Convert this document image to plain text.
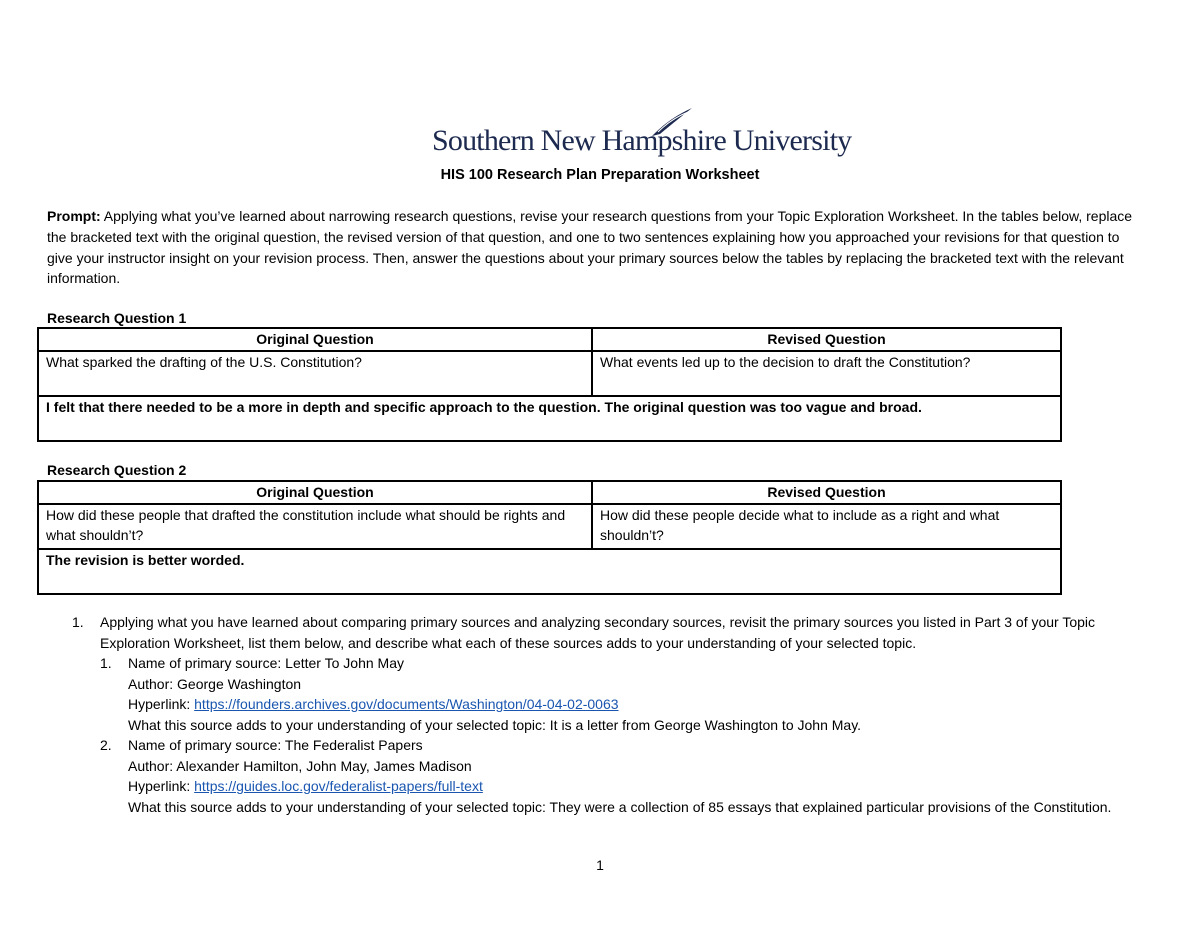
Southern New Hampshire University
HIS 100 Research Plan Preparation Worksheet
Prompt: Applying what you’ve learned about narrowing research questions, revise your research questions from your Topic Exploration Worksheet. In the tables below, replace the bracketed text with the original question, the revised version of that question, and one to two sentences explaining how you approached your revisions for that question to give your instructor insight on your revision process. Then, answer the questions about your primary sources below the tables by replacing the bracketed text with the relevant information.
Research Question 1
Original Question	Revised Question
What sparked the drafting of the U.S. Constitution?	What events led up to the decision to draft the Constitution?
I felt that there needed to be a more in depth and specific approach to the question. The original question was too vague and broad.	
Research Question 2
Original Question	Revised Question
How did these people that drafted the constitution include what should be rights and what shouldn’t?	How did these people decide what to include as a right and what shouldn’t?
The revision is better worded.	
1. Applying what you have learned about comparing primary sources and analyzing secondary sources, revisit the primary sources you listed in Part 3 of your Topic Exploration Worksheet, list them below, and describe what each of these sources adds to your understanding of your selected topic.
1. Name of primary source: Letter To John May
Author: George Washington
Hyperlink: https://founders.archives.gov/documents/Washington/04-04-02-0063
What this source adds to your understanding of your selected topic: It is a letter from George Washington to John May.
2. Name of primary source: The Federalist Papers
Author: Alexander Hamilton, John May, James Madison
Hyperlink: https://guides.loc.gov/federalist-papers/full-text
What this source adds to your understanding of your selected topic: They were a collection of 85 essays that explained particular provisions of the Constitution.
1
